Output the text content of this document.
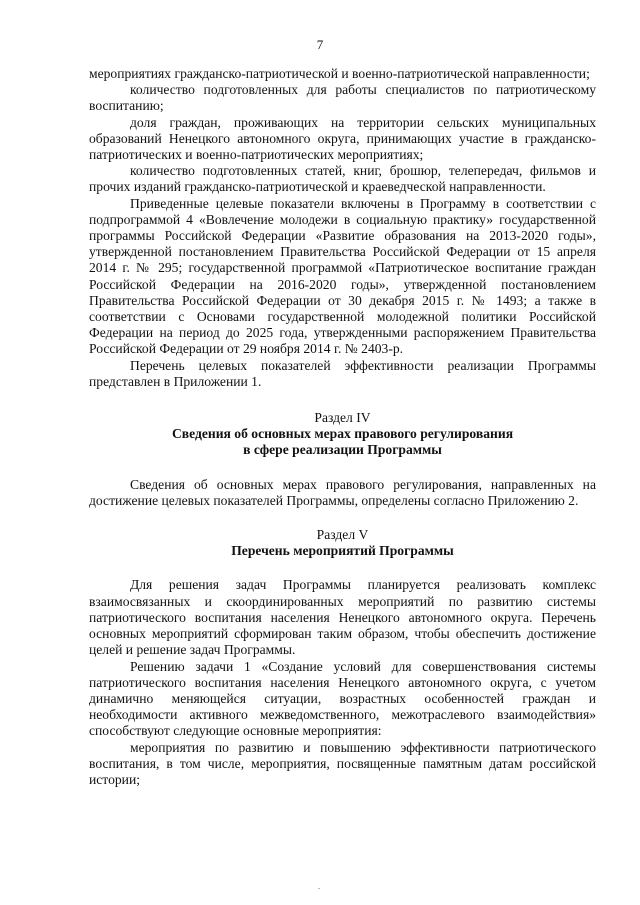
7

мероприятиях гражданско-патриотической и военно-патриотической направленности;

количество подготовленных для работы специалистов по патриотическому воспитанию;

доля граждан, проживающих на территории сельских муниципальных образований Ненецкого автономного округа, принимающих участие в гражданско-патриотических и военно-патриотических мероприятиях;

количество подготовленных статей, книг, брошюр, телепередач, фильмов и прочих изданий гражданско-патриотической и краеведческой направленности.

Приведенные целевые показатели включены в Программу в соответствии с подпрограммой 4 «Вовлечение молодежи в социальную практику» государственной программы Российской Федерации «Развитие образования на 2013-2020 годы», утвержденной постановлением Правительства Российской Федерации от 15 апреля 2014 г. № 295; государственной программой «Патриотическое воспитание граждан Российской Федерации на 2016-2020 годы», утвержденной постановлением Правительства Российской Федерации от 30 декабря 2015 г. № 1493; а также в соответствии с Основами государственной молодежной политики Российской Федерации на период до 2025 года, утвержденными распоряжением Правительства Российской Федерации от 29 ноября 2014 г. № 2403-р.

Перечень целевых показателей эффективности реализации Программы представлен в Приложении 1.

Раздел IV
Сведения об основных мерах правового регулирования
в сфере реализации Программы

Сведения об основных мерах правового регулирования, направленных на достижение целевых показателей Программы, определены согласно Приложению 2.

Раздел V
Перечень мероприятий Программы

Для решения задач Программы планируется реализовать комплекс взаимосвязанных и скоординированных мероприятий по развитию системы патриотического воспитания населения Ненецкого автономного округа. Перечень основных мероприятий сформирован таким образом, чтобы обеспечить достижение целей и решение задач Программы.

Решению задачи 1 «Создание условий для совершенствования системы патриотического воспитания населения Ненецкого автономного округа, с учетом динамично меняющейся ситуации, возрастных особенностей граждан и необходимости активного межведомственного, межотраслевого взаимодействия» способствуют следующие основные мероприятия:

мероприятия по развитию и повышению эффективности патриотического воспитания, в том числе, мероприятия, посвященные памятным датам российской истории;
